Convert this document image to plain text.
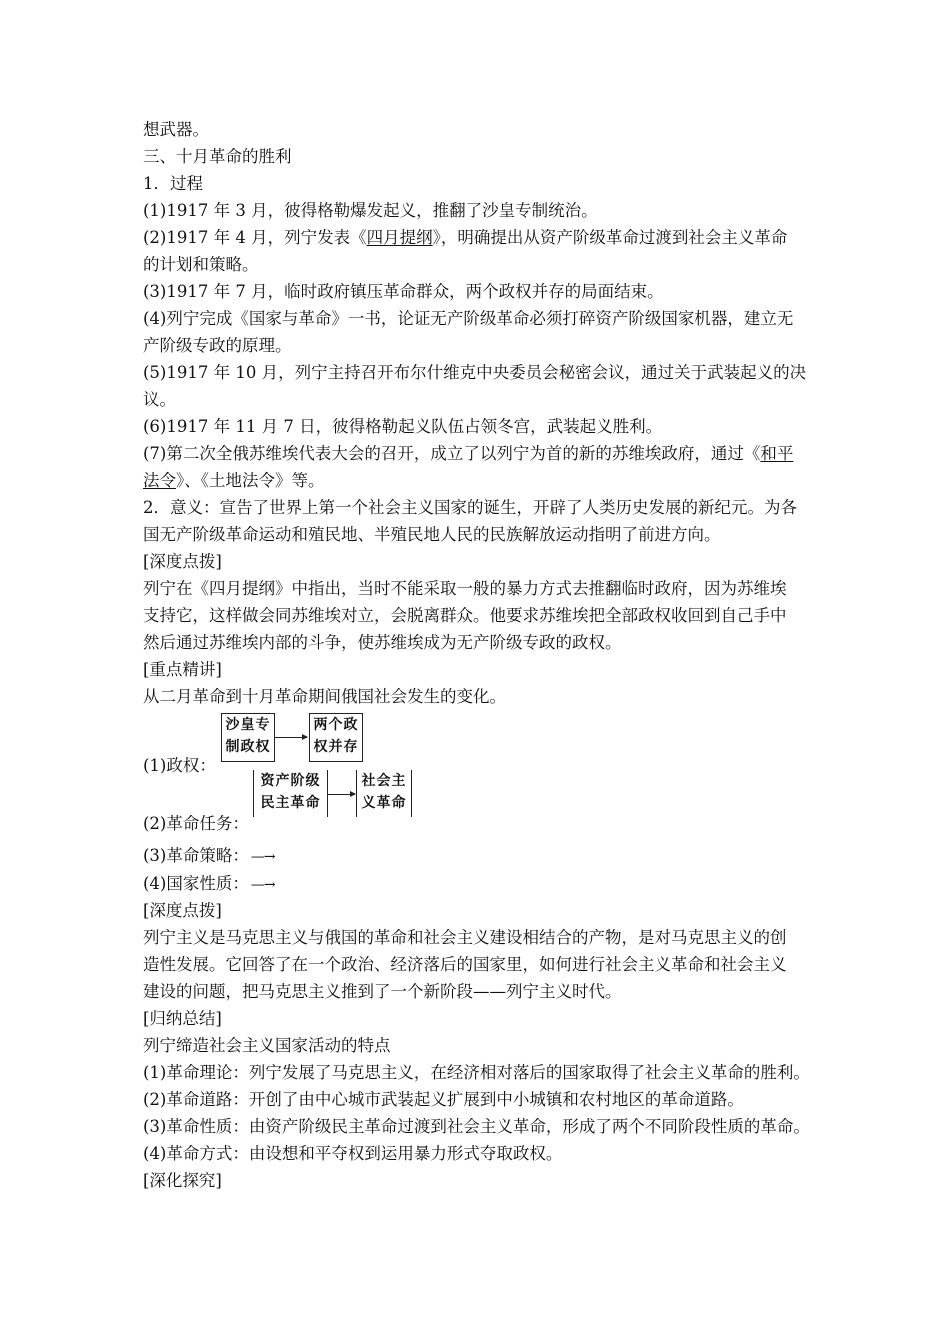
想武器。
三、十月革命的胜利
1．过程
(1)1917 年 3 月，彼得格勒爆发起义，推翻了沙皇专制统治。
(2)1917 年 4 月，列宁发表《四月提纲》，明确提出从资产阶级革命过渡到社会主义革命
的计划和策略。
(3)1917 年 7 月，临时政府镇压革命群众，两个政权并存的局面结束。
(4)列宁完成《国家与革命》一书，论证无产阶级革命必须打碎资产阶级国家机器，建立无
产阶级专政的原理。
(5)1917 年 10 月，列宁主持召开布尔什维克中央委员会秘密会议，通过关于武装起义的决
议。
(6)1917 年 11 月 7 日，彼得格勒起义队伍占领冬宫，武装起义胜利。
(7)第二次全俄苏维埃代表大会的召开，成立了以列宁为首的新的苏维埃政府，通过《和平
法令》、《土地法令》等。
2．意义：宣告了世界上第一个社会主义国家的诞生，开辟了人类历史发展的新纪元。为各
国无产阶级革命运动和殖民地、半殖民地人民的民族解放运动指明了前进方向。
[深度点拨]
列宁在《四月提纲》中指出，当时不能采取一般的暴力方式去推翻临时政府，因为苏维埃
支持它，这样做会同苏维埃对立，会脱离群众。他要求苏维埃把全部政权收回到自己手中
然后通过苏维埃内部的斗争，使苏维埃成为无产阶级专政的政权。
[重点精讲]
从二月革命到十月革命期间俄国社会发生的变化。
(1)政权：
沙皇专
制政权
两个政
权并存
(2)革命任务：
资产阶级
民主革命
社会主
义革命
(3)革命策略： —→
(4)国家性质： —→
[深度点拨]
列宁主义是马克思主义与俄国的革命和社会主义建设相结合的产物，是对马克思主义的创
造性发展。它回答了在一个政治、经济落后的国家里，如何进行社会主义革命和社会主义
建设的问题，把马克思主义推到了一个新阶段——列宁主义时代。
[归纳总结]
列宁缔造社会主义国家活动的特点
(1)革命理论：列宁发展了马克思主义，在经济相对落后的国家取得了社会主义革命的胜利。
(2)革命道路：开创了由中心城市武装起义扩展到中小城镇和农村地区的革命道路。
(3)革命性质：由资产阶级民主革命过渡到社会主义革命，形成了两个不同阶段性质的革命。
(4)革命方式：由设想和平夺权到运用暴力形式夺取政权。
[深化探究]
